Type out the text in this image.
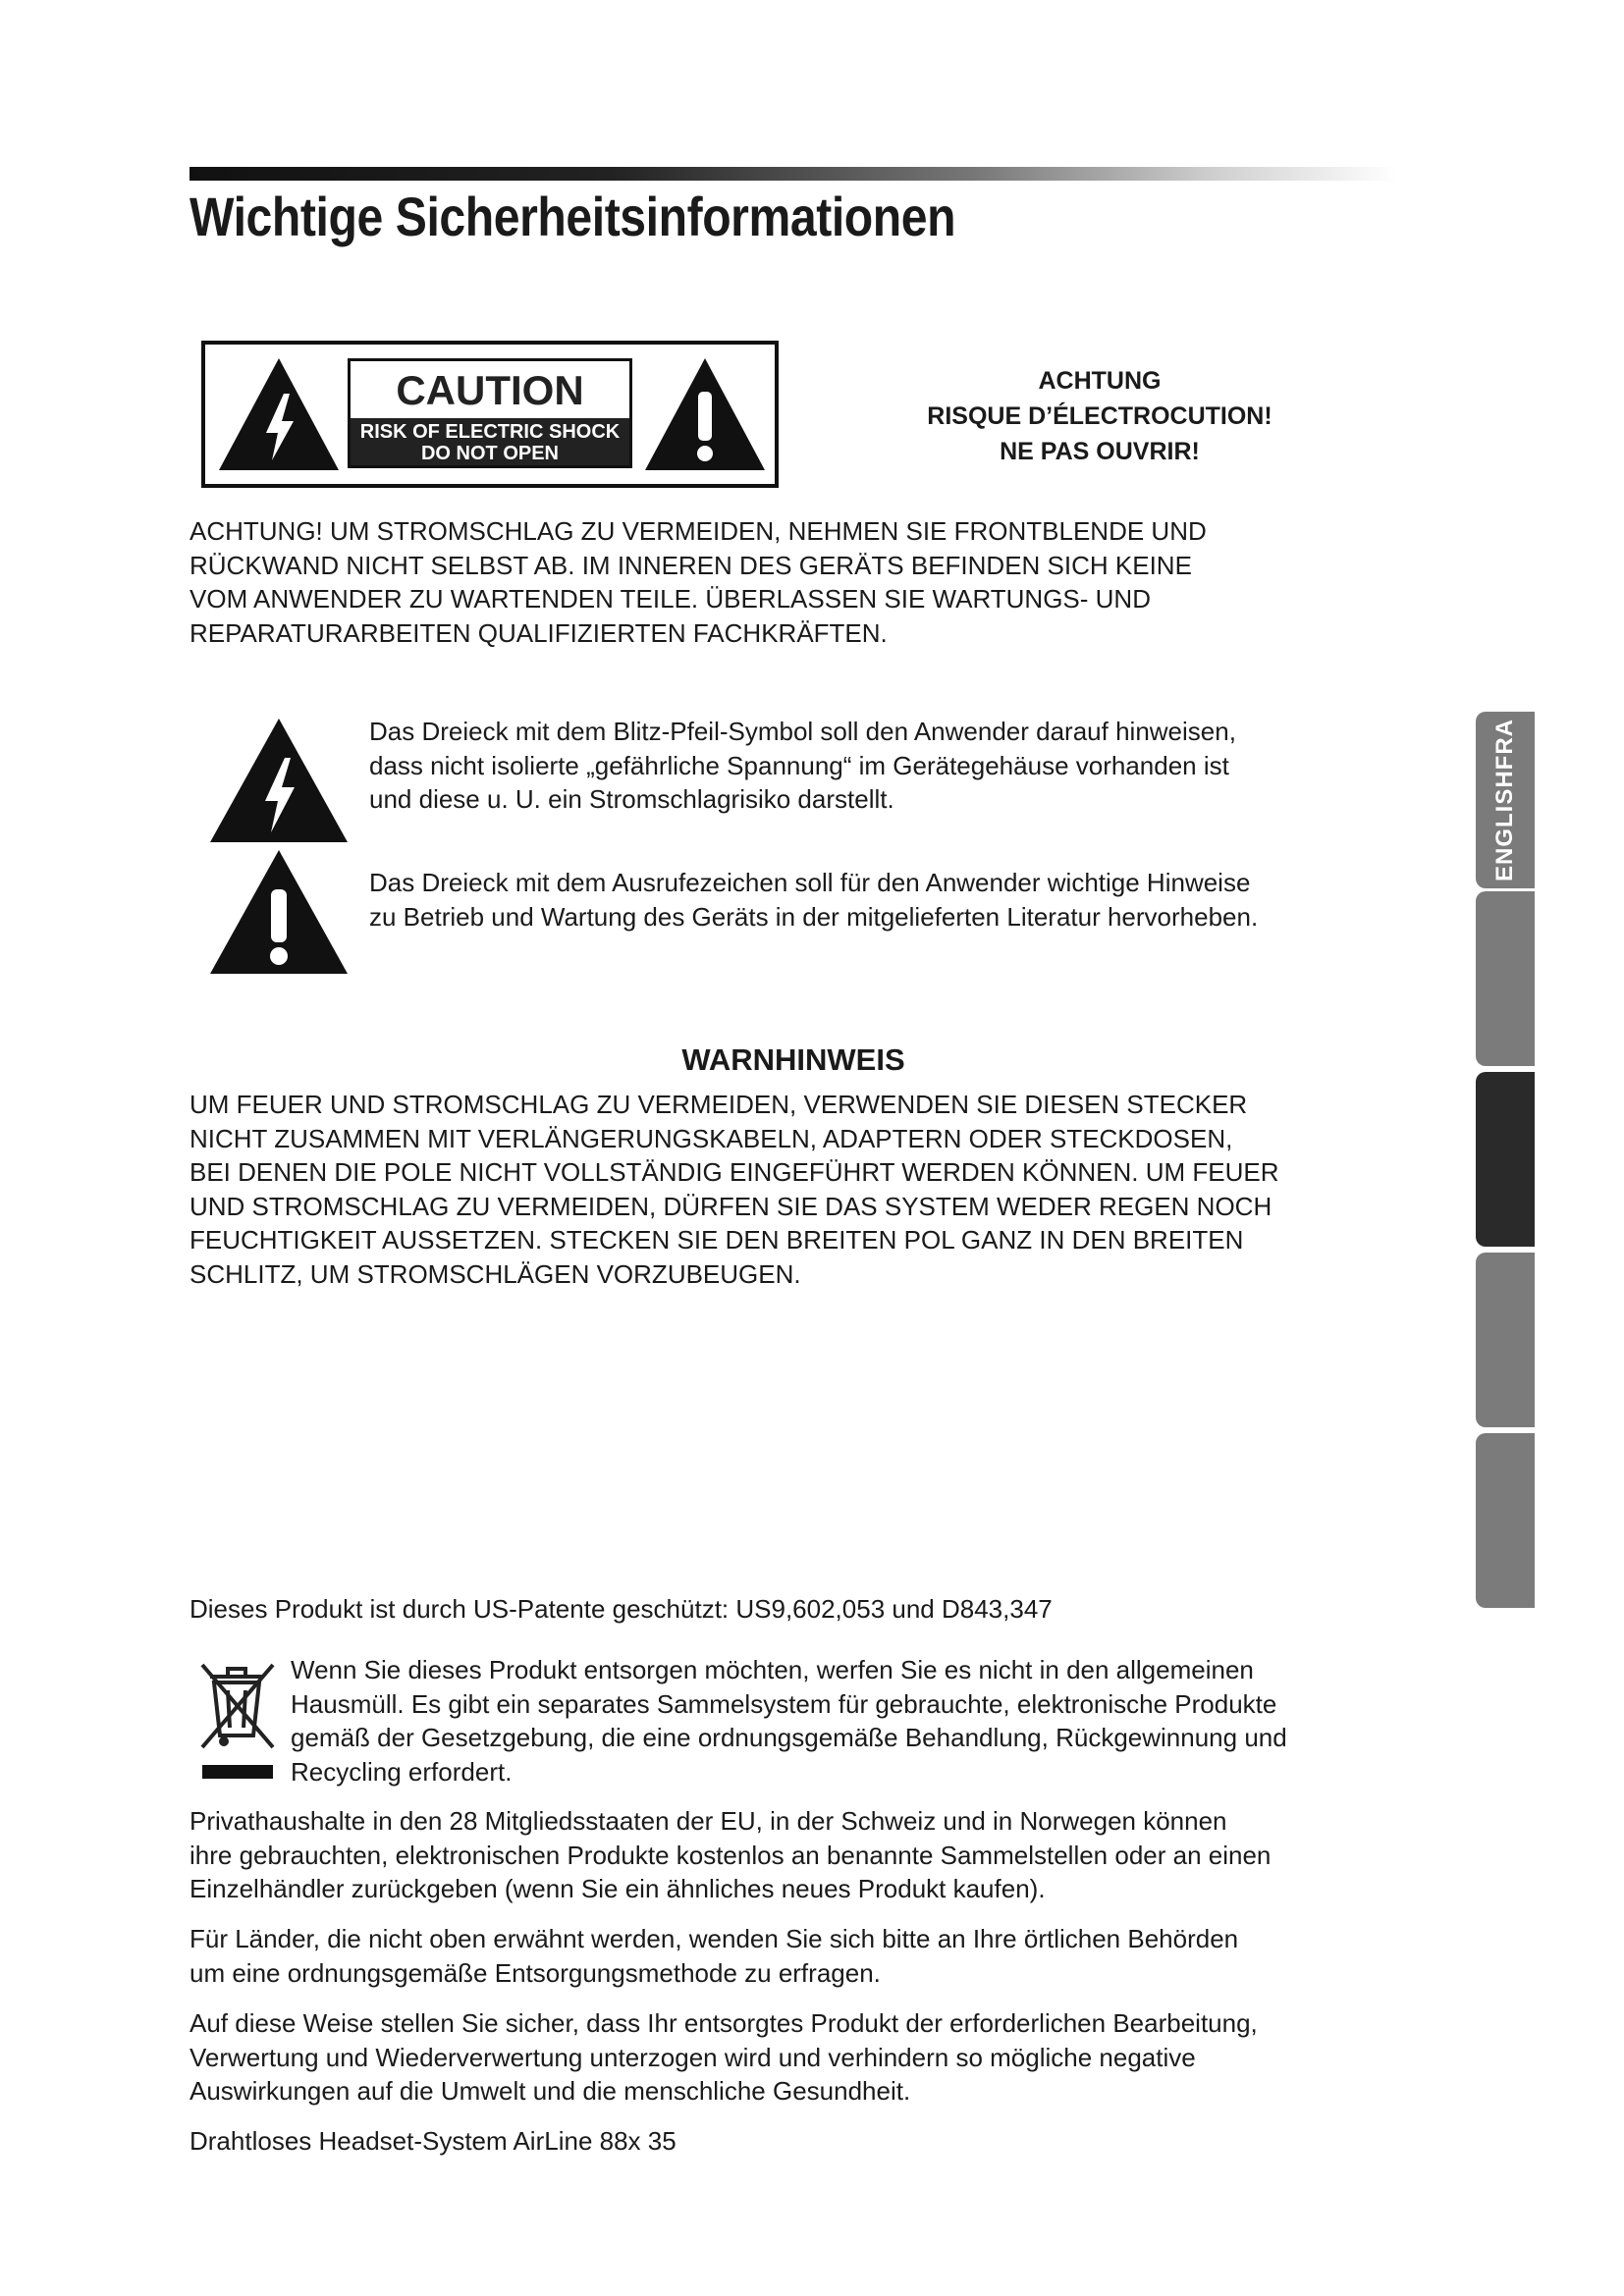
Wichtige Sicherheitsinformationen
CAUTION
RISK OF ELECTRIC SHOCK
DO NOT OPEN
ACHTUNG
RISQUE D’ÉLECTROCUTION!
NE PAS OUVRIR!
ACHTUNG! UM STROMSCHLAG ZU VERMEIDEN, NEHMEN SIE FRONTBLENDE UND
RÜCKWAND NICHT SELBST AB. IM INNEREN DES GERÄTS BEFINDEN SICH KEINE
VOM ANWENDER ZU WARTENDEN TEILE. ÜBERLASSEN SIE WARTUNGS- UND
REPARATURARBEITEN QUALIFIZIERTEN FACHKRÄFTEN.
Das Dreieck mit dem Blitz-Pfeil-Symbol soll den Anwender darauf hinweisen,
dass nicht isolierte „gefährliche Spannung“ im Gerätegehäuse vorhanden ist
und diese u. U. ein Stromschlagrisiko darstellt.
Das Dreieck mit dem Ausrufezeichen soll für den Anwender wichtige Hinweise
zu Betrieb und Wartung des Geräts in der mitgelieferten Literatur hervorheben.
WARNHINWEIS
UM FEUER UND STROMSCHLAG ZU VERMEIDEN, VERWENDEN SIE DIESEN STECKER
NICHT ZUSAMMEN MIT VERLÄNGERUNGSKABELN, ADAPTERN ODER STECKDOSEN,
BEI DENEN DIE POLE NICHT VOLLSTÄNDIG EINGEFÜHRT WERDEN KÖNNEN. UM FEUER
UND STROMSCHLAG ZU VERMEIDEN, DÜRFEN SIE DAS SYSTEM WEDER REGEN NOCH
FEUCHTIGKEIT AUSSETZEN. STECKEN SIE DEN BREITEN POL GANZ IN DEN BREITEN
SCHLITZ, UM STROMSCHLÄGEN VORZUBEUGEN.
Dieses Produkt ist durch US-Patente geschützt: US9,602,053 und D843,347
Wenn Sie dieses Produkt entsorgen möchten, werfen Sie es nicht in den allgemeinen
Hausmüll. Es gibt ein separates Sammelsystem für gebrauchte, elektronische Produkte
gemäß der Gesetzgebung, die eine ordnungsgemäße Behandlung, Rückgewinnung und
Recycling erfordert.
Privathaushalte in den 28 Mitgliedsstaaten der EU, in der Schweiz und in Norwegen können
ihre gebrauchten, elektronischen Produkte kostenlos an benannte Sammelstellen oder an einen
Einzelhändler zurückgeben (wenn Sie ein ähnliches neues Produkt kaufen).
Für Länder, die nicht oben erwähnt werden, wenden Sie sich bitte an Ihre örtlichen Behörden
um eine ordnungsgemäße Entsorgungsmethode zu erfragen.
Auf diese Weise stellen Sie sicher, dass Ihr entsorgtes Produkt der erforderlichen Bearbeitung,
Verwertung und Wiederverwertung unterzogen wird und verhindern so mögliche negative
Auswirkungen auf die Umwelt und die menschliche Gesundheit.
Drahtloses Headset-System AirLine 88x 35
ENGLISHFRA
